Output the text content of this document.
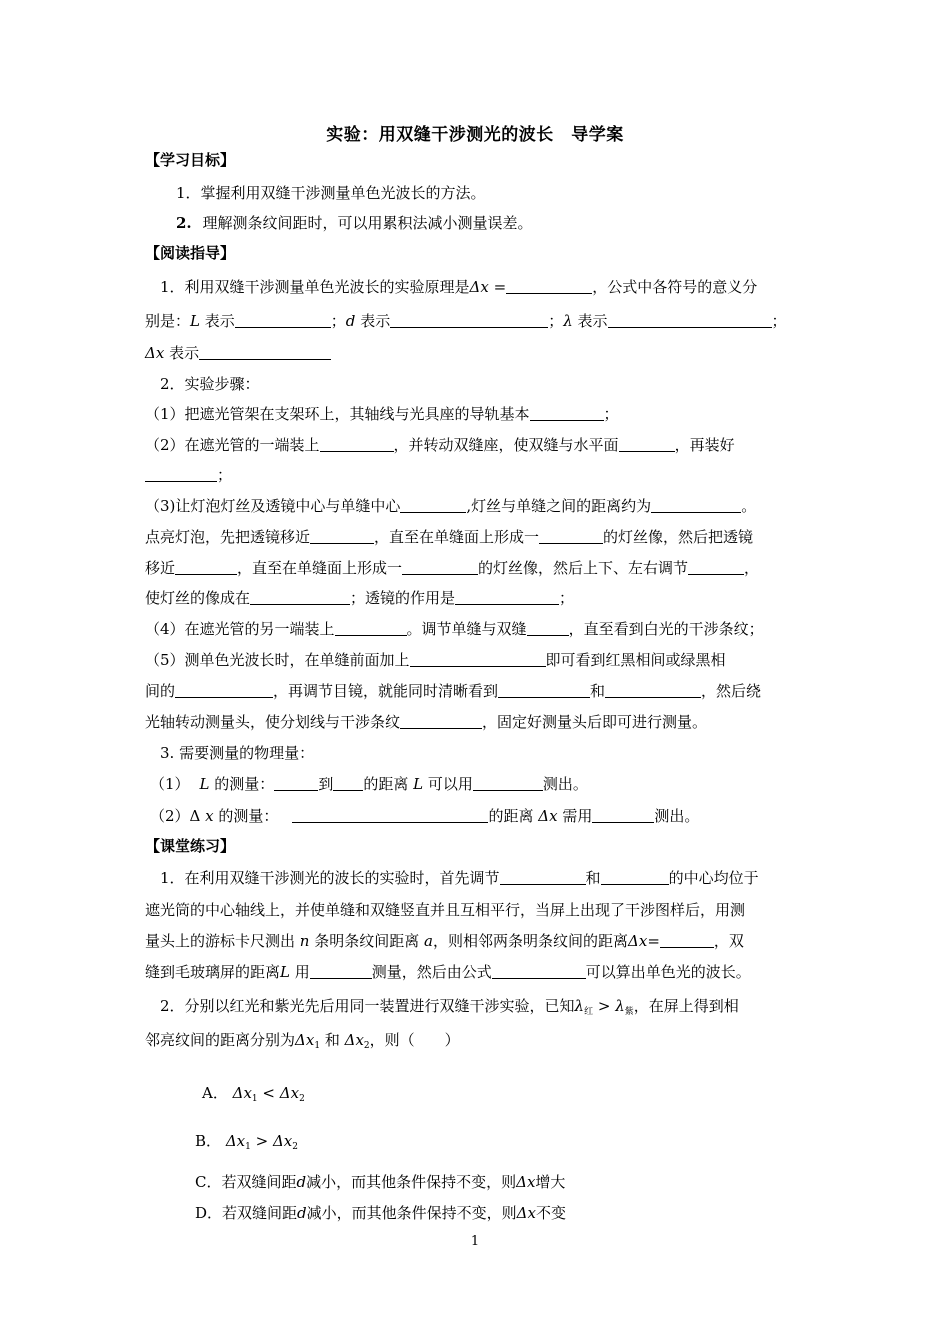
实验：用双缝干涉测光的波长　导学案
【学习目标】
1．掌握利用双缝干涉测量单色光波长的方法。
2. 理解测条纹间距时，可以用累积法减小测量误差。
【阅读指导】
1．利用双缝干涉测量单色光波长的实验原理是Δx =	，公式中各符号的意义分
别是：L 表示	；d 表示	；λ 表示	；
Δx 表示
2．实验步骤：
（1）把遮光管架在支架环上，其轴线与光具座的导轨基本	；
（2）在遮光管的一端装上	，并转动双缝座，使双缝与水平面	，再装好
；
（3)让灯泡灯丝及透镜中心与单缝中心	,灯丝与单缝之间的距离约为	。
点亮灯泡，先把透镜移近	，直至在单缝面上形成一	的灯丝像，然后把透镜
移近	，直至在单缝面上形成一	的灯丝像，然后上下、左右调节	，
使灯丝的像成在	；透镜的作用是	；
（4）在遮光管的另一端装上	。调节单缝与双缝	，直至看到白光的干涉条纹；
（5）测单色光波长时，在单缝前面加上	即可看到红黑相间或绿黑相
间的	，再调节目镜，就能同时清晰看到	和	，然后绕
光轴转动测量头，使分划线与干涉条纹	，固定好测量头后即可进行测量。
3. 需要测量的物理量：
（1） L 的测量：	到 的距离 L 可以用	测出。
（2）Δ x 的测量：	的距离 Δx 需用	测出。
【课堂练习】
1．在利用双缝干涉测光的波长的实验时，首先调节	和	的中心均位于
遮光筒的中心轴线上，并使单缝和双缝竖直并且互相平行，当屏上出现了干涉图样后，用测
量头上的游标卡尺测出 n 条明条纹间距离 a，则相邻两条明条纹间的距离Δx=	，双
缝到毛玻璃屏的距离L 用	测量，然后由公式	可以算出单色光的波长。
2．分别以红光和紫光先后用同一装置进行双缝干涉实验，已知$\lambda_红 > \lambda_紫$，在屏上得到相
邻亮纹间的距离分别为$\Delta x_1$ 和 $\Delta x_2$，则（　　）
A． $\Delta x_1 < \Delta x_2$
B． $\Delta x_1 > \Delta x_2$
C．若双缝间距d减小，而其他条件保持不变，则Δx增大
D．若双缝间距d减小，而其他条件保持不变，则Δx不变
1
